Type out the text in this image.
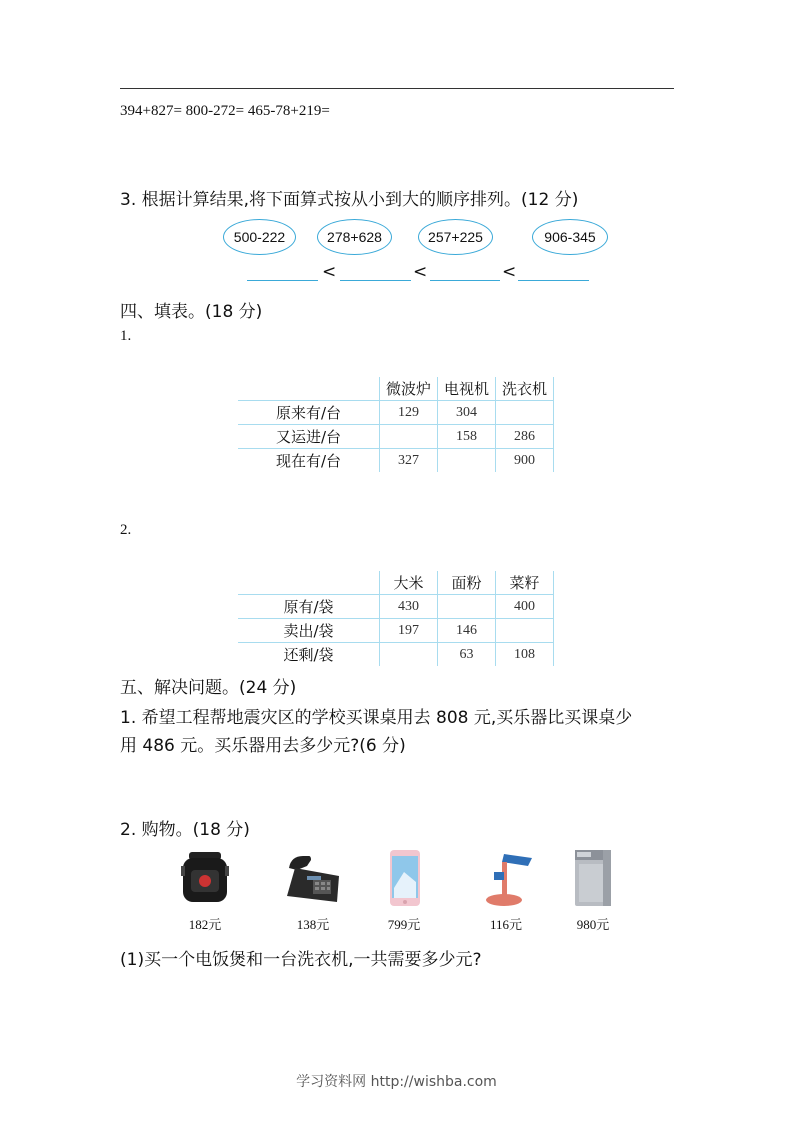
394+827= 800-272= 465-78+219=
3. 根据计算结果,将下面算式按从小到大的顺序排列。(12 分)
500-222	278+628	257+225	906-345
<	<	<
四、填表。(18 分)
1.
	微波炉	电视机	洗衣机
原来有/台	129	304	
又运进/台		158	286
现在有/台	327		900
2.
	大米	面粉	菜籽
原有/袋	430		400
卖出/袋	197	146	
还剩/袋		63	108
五、解决问题。(24 分)
1. 希望工程帮地震灾区的学校买课桌用去 808 元,买乐器比买课桌少
用 486 元。买乐器用去多少元?(6 分)
2. 购物。(18 分)
182元	138元	799元	116元	980元
(1)买一个电饭煲和一台洗衣机,一共需要多少元?
学习资料网 http://wishba.com
